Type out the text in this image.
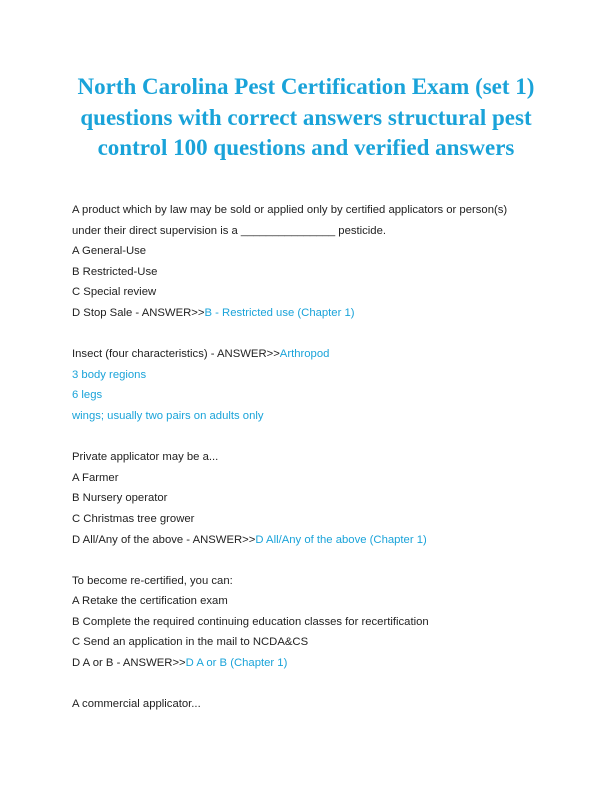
North Carolina Pest Certification Exam (set 1) questions with correct answers structural pest control 100 questions and verified answers
A product which by law may be sold or applied only by certified applicators or person(s)
under their direct supervision is a _______________ pesticide.
A General-Use
B Restricted-Use
C Special review
D Stop Sale - ANSWER>>B - Restricted use (Chapter 1)
Insect (four characteristics) - ANSWER>>Arthropod
3 body regions
6 legs
wings; usually two pairs on adults only
Private applicator may be a...
A Farmer
B Nursery operator
C Christmas tree grower
D All/Any of the above - ANSWER>>D All/Any of the above (Chapter 1)
To become re-certified, you can:
A Retake the certification exam
B Complete the required continuing education classes for recertification
C Send an application in the mail to NCDA&CS
D A or B - ANSWER>>D A or B (Chapter 1)
A commercial applicator...
